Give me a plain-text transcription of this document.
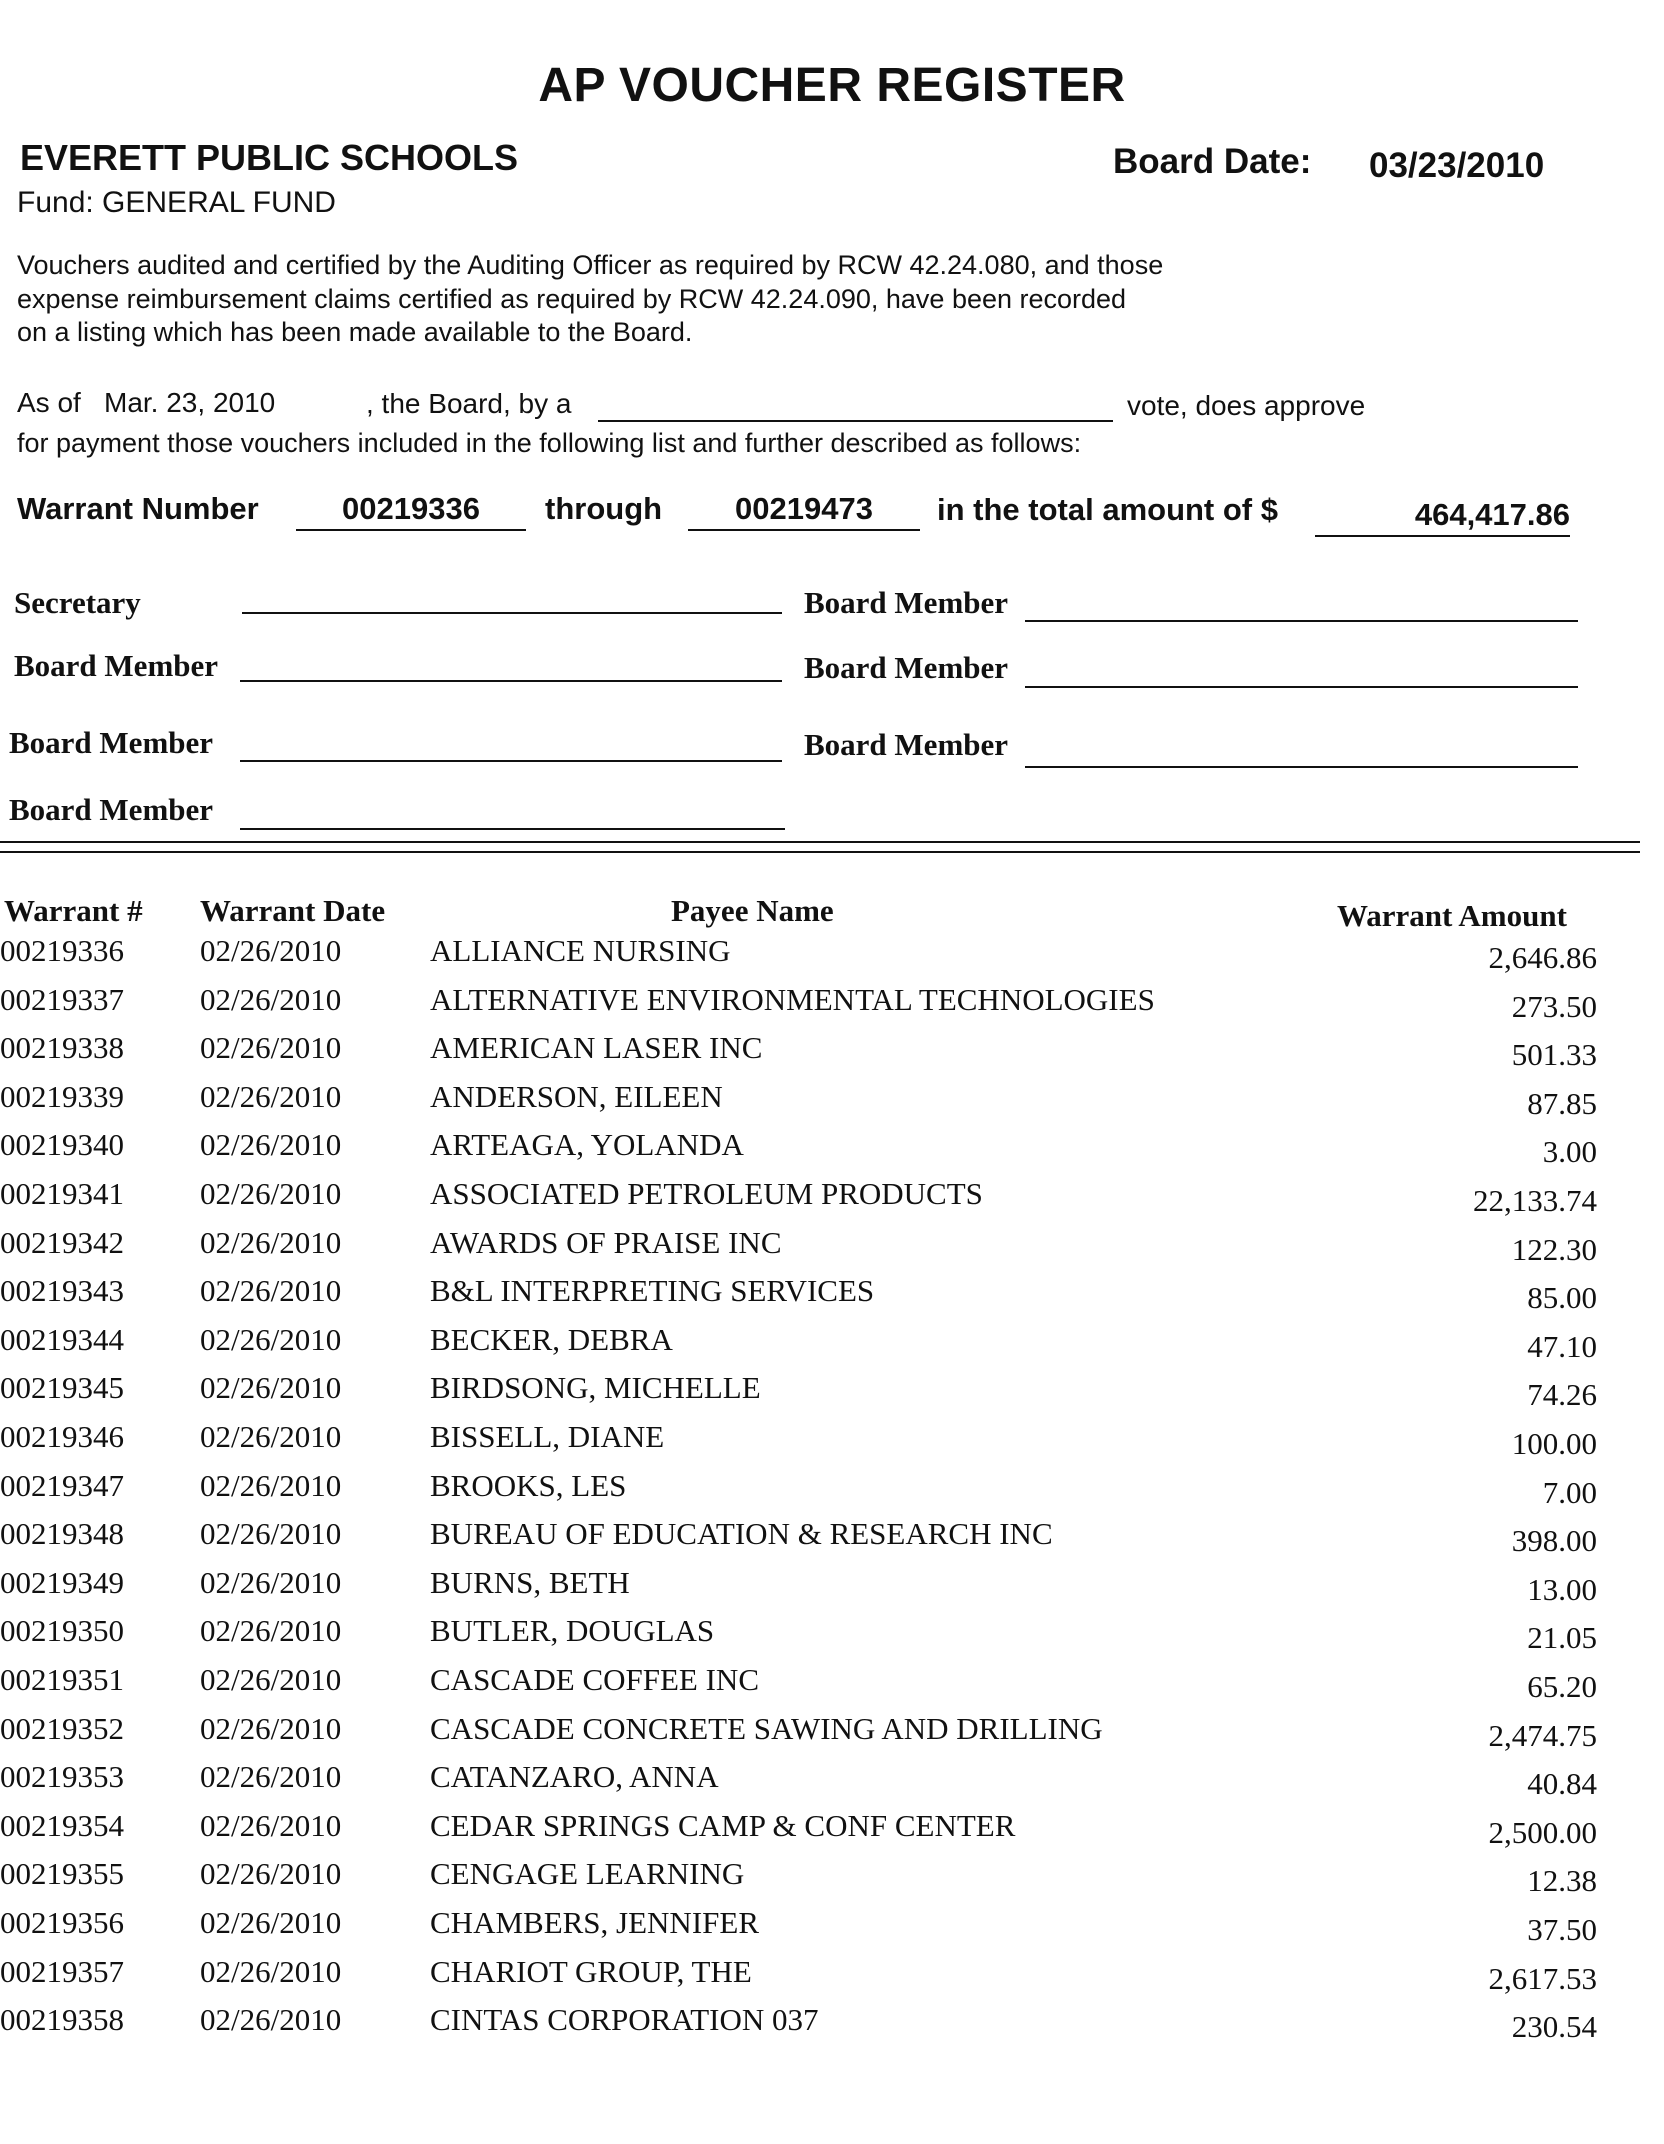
AP VOUCHER REGISTER
EVERETT PUBLIC SCHOOLS	Board Date: 03/23/2010
Fund: GENERAL FUND
Vouchers audited and certified by the Auditing Officer as required by RCW 42.24.080, and those
expense reimbursement claims certified as required by RCW 42.24.090, have been recorded
on a listing which has been made available to the Board.
As of Mar. 23, 2010	, the Board, by a	vote, does approve
for payment those vouchers included in the following list and further described as follows:
Warrant Number	00219336	through	00219473	in the total amount of $	464,417.86
Secretary	Board Member
Board Member	Board Member
Board Member	Board Member
Board Member
Warrant # Warrant Date	Payee Name	Warrant Amount
00219336 02/26/2010	ALLIANCE NURSING	2,646.86
00219337 02/26/2010	ALTERNATIVE ENVIRONMENTAL TECHNOLOGIES	273.50
00219338 02/26/2010	AMERICAN LASER INC	501.33
00219339 02/26/2010	ANDERSON, EILEEN	87.85
00219340 02/26/2010	ARTEAGA, YOLANDA	3.00
00219341 02/26/2010	ASSOCIATED PETROLEUM PRODUCTS	22,133.74
00219342 02/26/2010	AWARDS OF PRAISE INC	122.30
00219343 02/26/2010	B&L INTERPRETING SERVICES	85.00
00219344 02/26/2010	BECKER, DEBRA	47.10
00219345 02/26/2010	BIRDSONG, MICHELLE	74.26
00219346 02/26/2010	BISSELL, DIANE	100.00
00219347 02/26/2010	BROOKS, LES	7.00
00219348 02/26/2010	BUREAU OF EDUCATION & RESEARCH INC	398.00
00219349 02/26/2010	BURNS, BETH	13.00
00219350 02/26/2010	BUTLER, DOUGLAS	21.05
00219351 02/26/2010	CASCADE COFFEE INC	65.20
00219352 02/26/2010	CASCADE CONCRETE SAWING AND DRILLING	2,474.75
00219353 02/26/2010	CATANZARO, ANNA	40.84
00219354 02/26/2010	CEDAR SPRINGS CAMP & CONF CENTER	2,500.00
00219355 02/26/2010	CENGAGE LEARNING	12.38
00219356 02/26/2010	CHAMBERS, JENNIFER	37.50
00219357 02/26/2010	CHARIOT GROUP, THE	2,617.53
00219358 02/26/2010	CINTAS CORPORATION 037	230.54
